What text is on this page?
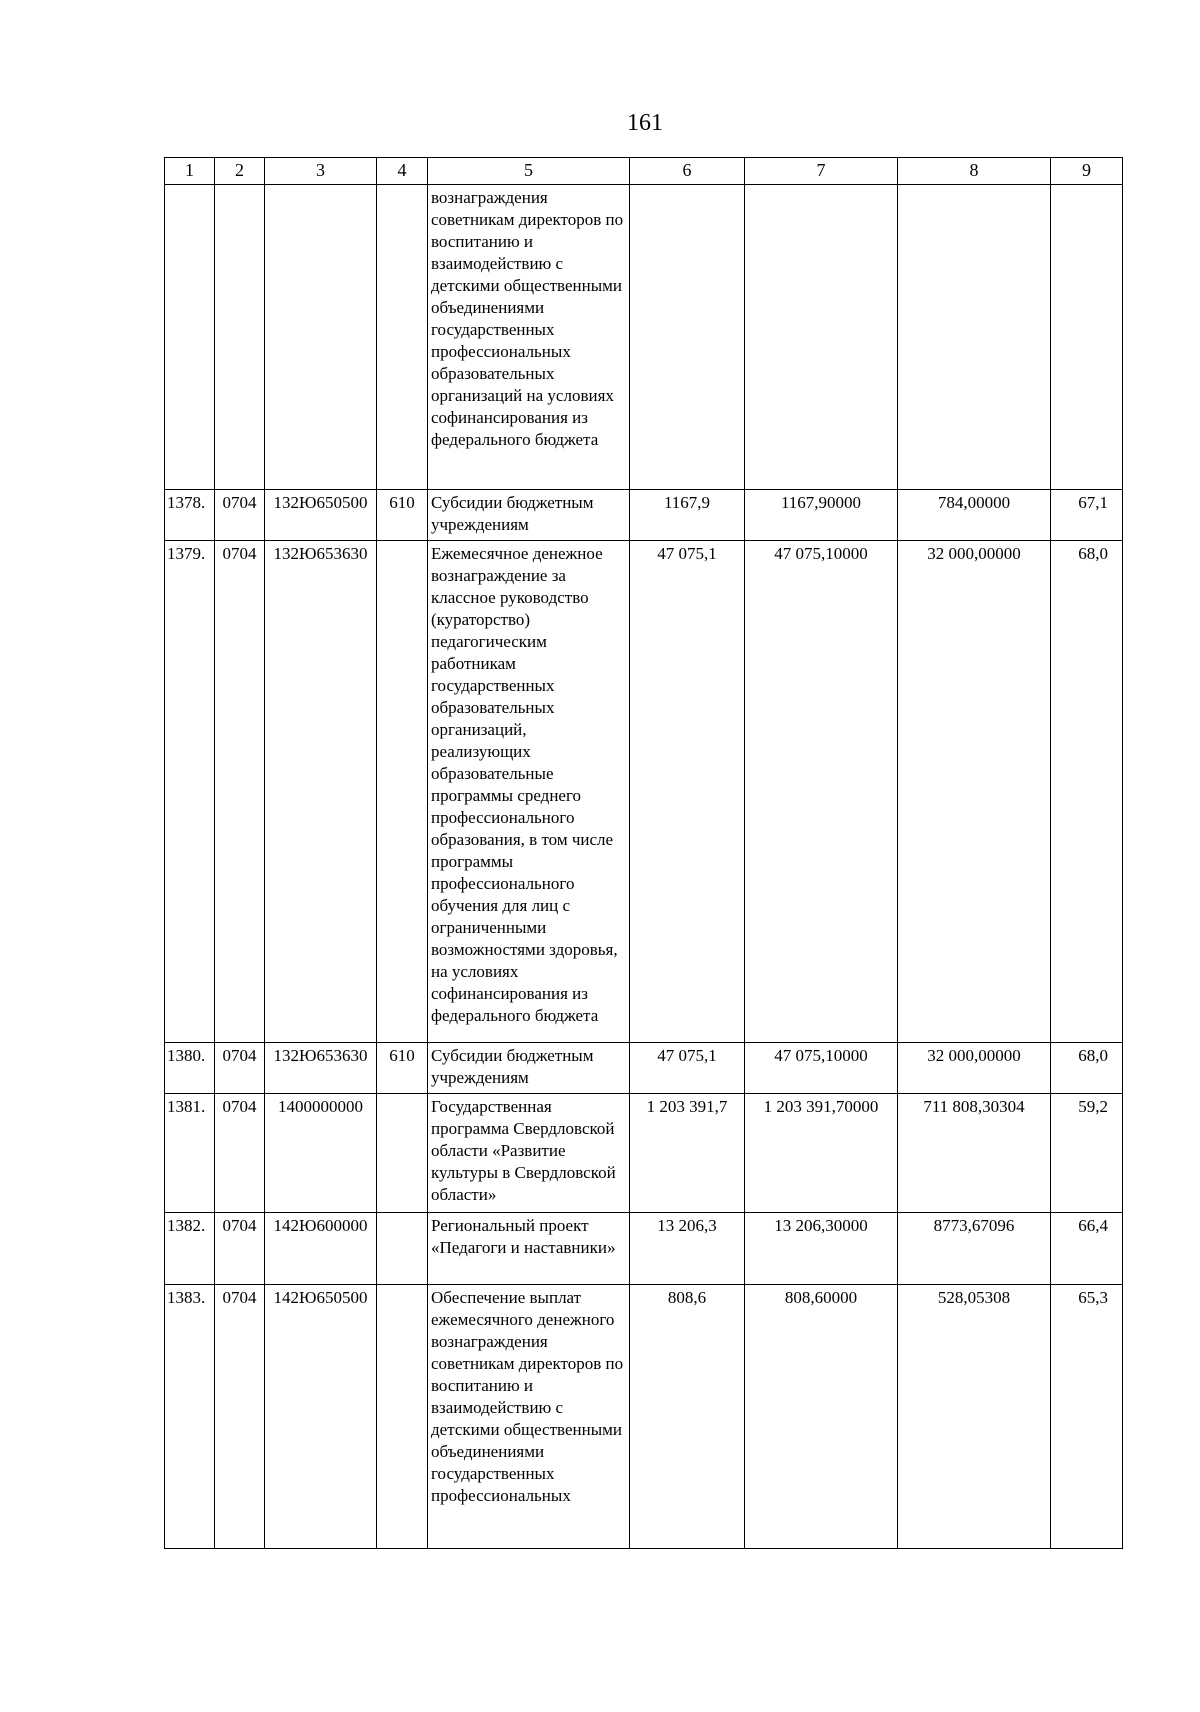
161
1	2	3	4	5	6	7	8	9
				вознаграждения советникам директоров по воспитанию и взаимодействию с детскими общественными объединениями государственных профессиональных образовательных организаций на условиях софинансирования из федерального бюджета				
1378.	0704	132Ю650500	610	Субсидии бюджетным учреждениям	1167,9	1167,90000	784,00000	67,1
1379.	0704	132Ю653630		Ежемесячное денежное вознаграждение за классное руководство (кураторство) педагогическим работникам государственных образовательных организаций, реализующих образовательные программы среднего профессионального образования, в том числе программы профессионального обучения для лиц с ограниченными возможностями здоровья, на условиях софинансирования из федерального бюджета	47 075,1	47 075,10000	32 000,00000	68,0
1380.	0704	132Ю653630	610	Субсидии бюджетным учреждениям	47 075,1	47 075,10000	32 000,00000	68,0
1381.	0704	1400000000		Государственная программа Свердловской области «Развитие культуры в Свердловской области»	1 203 391,7	1 203 391,70000	711 808,30304	59,2
1382.	0704	142Ю600000		Региональный проект «Педагоги и наставники»	13 206,3	13 206,30000	8773,67096	66,4
1383.	0704	142Ю650500		Обеспечение выплат ежемесячного денежного вознаграждения советникам директоров по воспитанию и взаимодействию с детскими общественными объединениями государственных профессиональных	808,6	808,60000	528,05308	65,3
